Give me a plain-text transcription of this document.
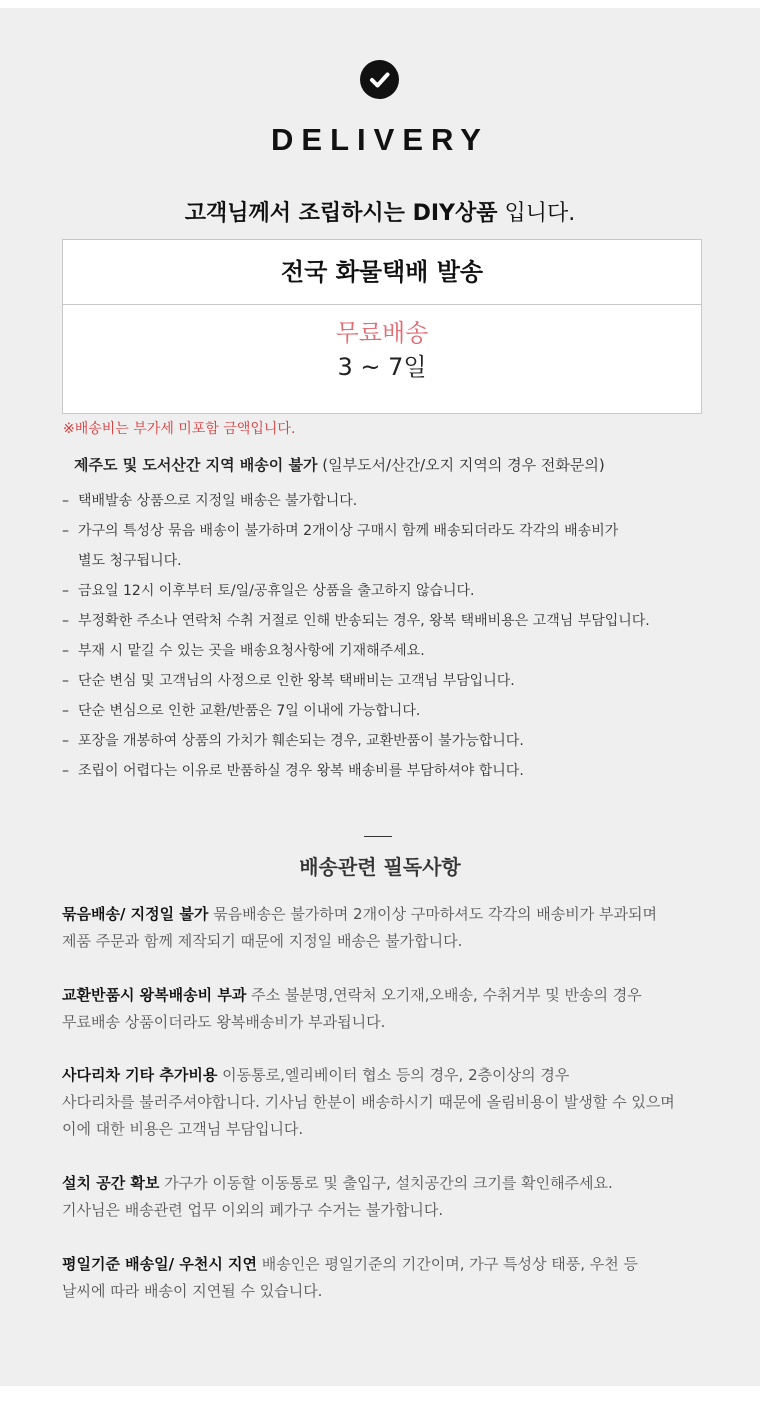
DELIVERY
고객님께서 조립하시는 DIY상품 입니다.
전국 화물택배 발송
무료배송
3 ~ 7일
※배송비는 부가세 미포함 금액입니다.
제주도 및 도서산간 지역 배송이 불가 (일부도서/산간/오지 지역의 경우 전화문의)
– 택배발송 상품으로 지정일 배송은 불가합니다.
– 가구의 특성상 묶음 배송이 불가하며 2개이상 구매시 함께 배송되더라도 각각의 배송비가
별도 청구됩니다.
– 금요일 12시 이후부터 토/일/공휴일은 상품을 출고하지 않습니다.
– 부정확한 주소나 연락처 수취 거절로 인해 반송되는 경우, 왕복 택배비용은 고객님 부담입니다.
– 부재 시 맡길 수 있는 곳을 배송요청사항에 기재해주세요.
– 단순 변심 및 고객님의 사정으로 인한 왕복 택배비는 고객님 부담입니다.
– 단순 변심으로 인한 교환/반품은 7일 이내에 가능합니다.
– 포장을 개봉하여 상품의 가치가 훼손되는 경우, 교환반품이 불가능합니다.
– 조립이 어렵다는 이유로 반품하실 경우 왕복 배송비를 부담하셔야 합니다.
배송관련 필독사항
묶음배송/ 지정일 불가 묶음배송은 불가하며 2개이상 구마하셔도 각각의 배송비가 부과되며
제품 주문과 함께 제작되기 때문에 지정일 배송은 불가합니다.
교환반품시 왕복배송비 부과 주소 불분명,연락처 오기재,오배송, 수취거부 및 반송의 경우
무료배송 상품이더라도 왕복배송비가 부과됩니다.
사다리차 기타 추가비용 이동통로,엘리베이터 협소 등의 경우, 2층이상의 경우
사다리차를 불러주셔야합니다. 기사님 한분이 배송하시기 때문에 올림비용이 발생할 수 있으며
이에 대한 비용은 고객님 부담입니다.
설치 공간 확보 가구가 이동할 이동통로 및 출입구, 설치공간의 크기를 확인해주세요.
기사님은 배송관련 업무 이외의 폐가구 수거는 불가합니다.
평일기준 배송일/ 우천시 지연 배송인은 평일기준의 기간이며, 가구 특성상 태풍, 우천 등
날씨에 따라 배송이 지연될 수 있습니다.
